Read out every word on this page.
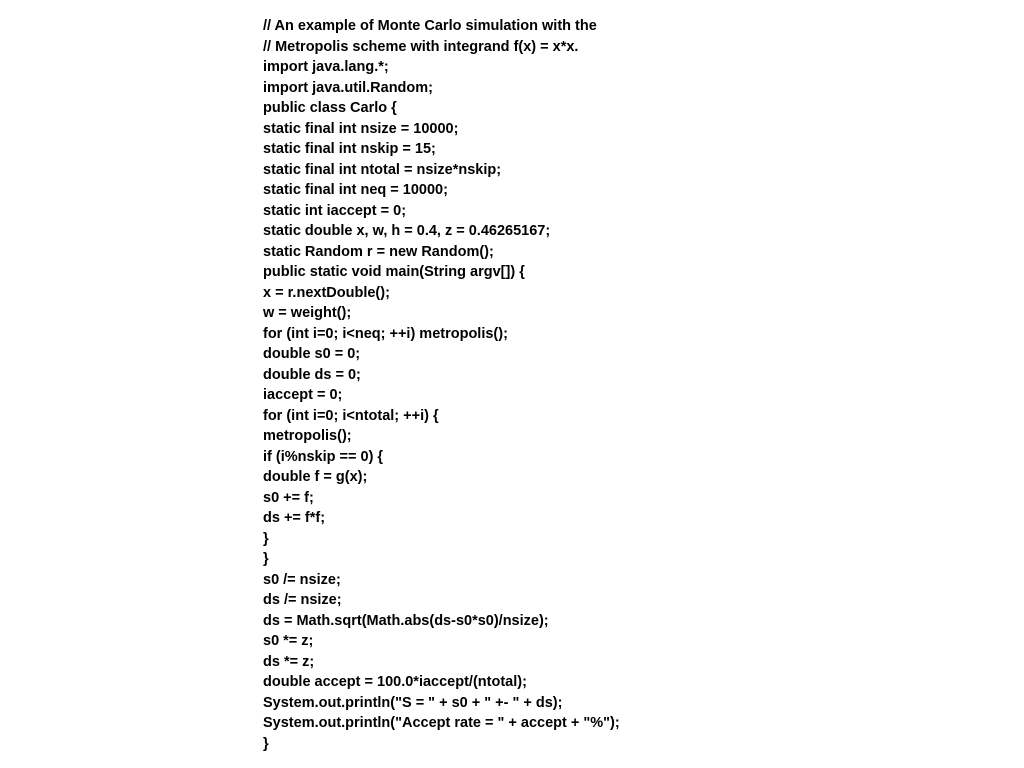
// An example of Monte Carlo simulation with the
// Metropolis scheme with integrand f(x) = x*x.
import java.lang.*;
import java.util.Random;
public class Carlo {
static final int nsize = 10000;
static final int nskip = 15;
static final int ntotal = nsize*nskip;
static final int neq = 10000;
static int iaccept = 0;
static double x, w, h = 0.4, z = 0.46265167;
static Random r = new Random();
public static void main(String argv[]) {
x = r.nextDouble();
w = weight();
for (int i=0; i<neq; ++i) metropolis();
double s0 = 0;
double ds = 0;
iaccept = 0;
for (int i=0; i<ntotal; ++i) {
metropolis();
if (i%nskip == 0) {
double f = g(x);
s0 += f;
ds += f*f;
}
}
s0 /= nsize;
ds /= nsize;
ds = Math.sqrt(Math.abs(ds-s0*s0)/nsize);
s0 *= z;
ds *= z;
double accept = 100.0*iaccept/(ntotal);
System.out.println("S = " + s0 + " +- " + ds);
System.out.println("Accept rate = " + accept + "%");
}
